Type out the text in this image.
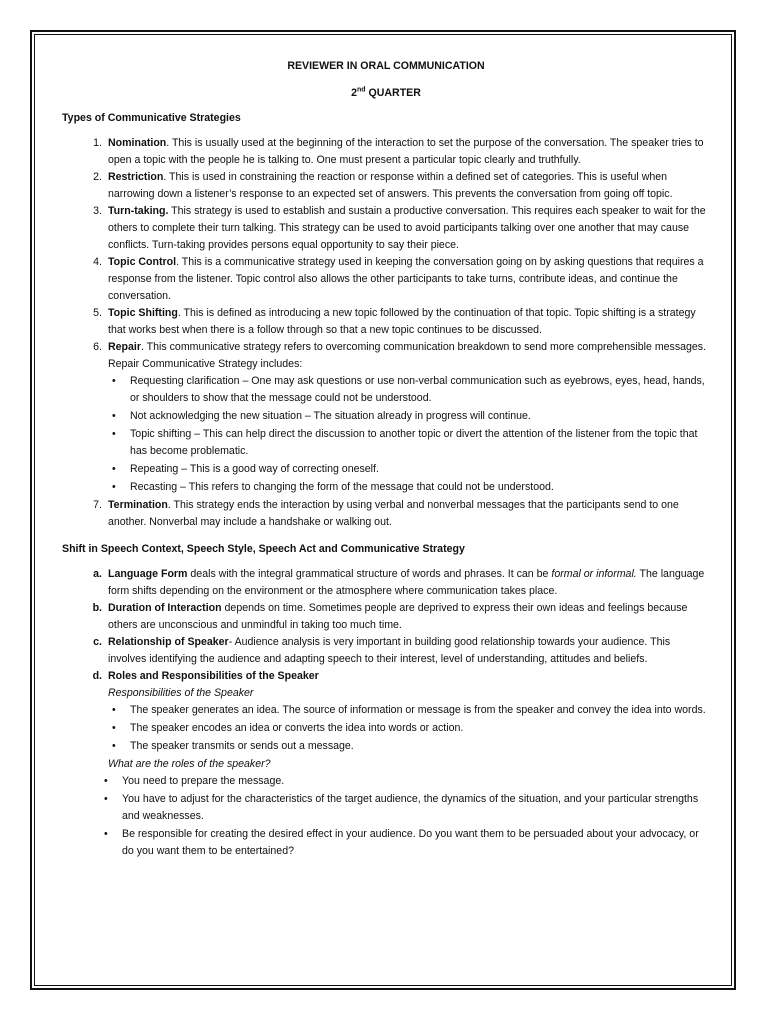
REVIEWER IN ORAL COMMUNICATION

2nd QUARTER

Types of Communicative Strategies

1. Nomination. This is usually used at the beginning of the interaction to set the purpose of the conversation. The speaker tries to open a topic with the people he is talking to. One must present a particular topic clearly and truthfully.
2. Restriction. This is used in constraining the reaction or response within a defined set of categories. This is useful when narrowing down a listener’s response to an expected set of answers. This prevents the conversation from going off topic.
3. Turn-taking. This strategy is used to establish and sustain a productive conversation. This requires each speaker to wait for the others to complete their turn talking. This strategy can be used to avoid participants talking over one another that may cause conflicts. Turn-taking provides persons equal opportunity to say their piece.
4. Topic Control. This is a communicative strategy used in keeping the conversation going on by asking questions that requires a response from the listener. Topic control also allows the other participants to take turns, contribute ideas, and continue the conversation.
5. Topic Shifting. This is defined as introducing a new topic followed by the continuation of that topic. Topic shifting is a strategy that works best when there is a follow through so that a new topic continues to be discussed.
6. Repair. This communicative strategy refers to overcoming communication breakdown to send more comprehensible messages. Repair Communicative Strategy includes:
• Requesting clarification – One may ask questions or use non-verbal communication such as eyebrows, eyes, head, hands, or shoulders to show that the message could not be understood.
• Not acknowledging the new situation – The situation already in progress will continue.
• Topic shifting – This can help direct the discussion to another topic or divert the attention of the listener from the topic that has become problematic.
• Repeating – This is a good way of correcting oneself.
• Recasting – This refers to changing the form of the message that could not be understood.
7. Termination. This strategy ends the interaction by using verbal and nonverbal messages that the participants send to one another. Nonverbal may include a handshake or walking out.

Shift in Speech Context, Speech Style, Speech Act and Communicative Strategy

a. Language Form deals with the integral grammatical structure of words and phrases. It can be formal or informal. The language form shifts depending on the environment or the atmosphere where communication takes place.
b. Duration of Interaction depends on time. Sometimes people are deprived to express their own ideas and feelings because others are unconscious and unmindful in taking too much time.
c. Relationship of Speaker- Audience analysis is very important in building good relationship towards your audience. This involves identifying the audience and adapting speech to their interest, level of understanding, attitudes and beliefs.
d. Roles and Responsibilities of the Speaker
Responsibilities of the Speaker
• The speaker generates an idea. The source of information or message is from the speaker and convey the idea into words.
• The speaker encodes an idea or converts the idea into words or action.
• The speaker transmits or sends out a message.
What are the roles of the speaker?
• You need to prepare the message.
• You have to adjust for the characteristics of the target audience, the dynamics of the situation, and your particular strengths and weaknesses.
• Be responsible for creating the desired effect in your audience. Do you want them to be persuaded about your advocacy, or do you want them to be entertained?
